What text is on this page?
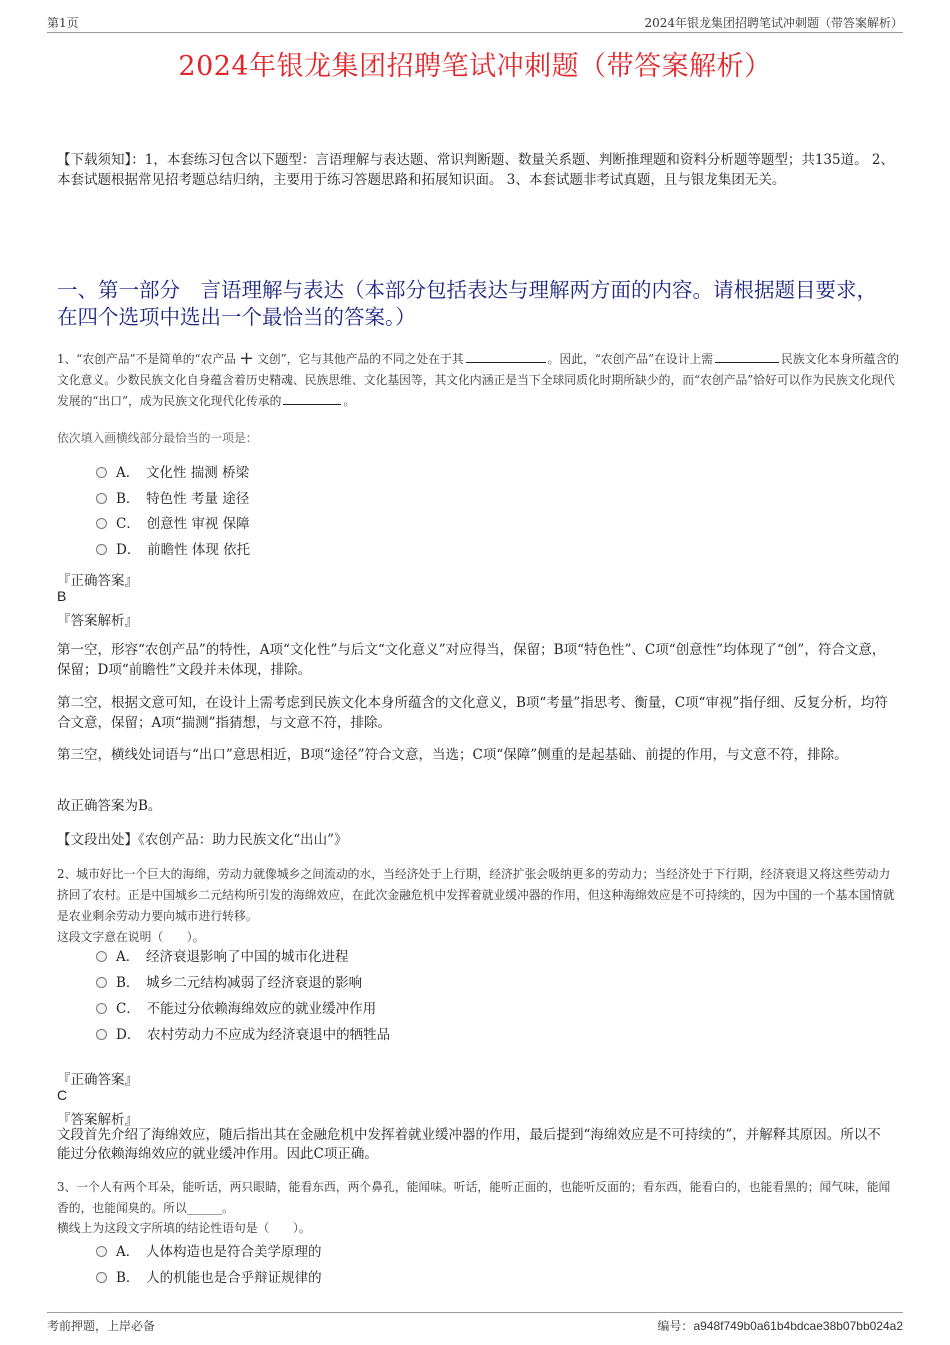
第1页	2024年银龙集团招聘笔试冲刺题（带答案解析）
2024年银龙集团招聘笔试冲刺题（带答案解析）
【下载须知】：1，本套练习包含以下题型：言语理解与表达题、常识判断题、数量关系题、判断推理题和资料分析题等题型；共135道。 2、本套试题根据常见招考题总结归纳，主要用于练习答题思路和拓展知识面。 3、本套试题非考试真题，且与银龙集团无关。
一、第一部分　言语理解与表达（本部分包括表达与理解两方面的内容。请根据题目要求，在四个选项中选出一个最恰当的答案。）
1、“农创产品”不是简单的“农产品 + 文创”，它与其他产品的不同之处在于其	。因此，“农创产品”在设计上需	民族文化本身所蕴含的文化意义。少数民族文化自身蕴含着历史精魂、民族思维、文化基因等，其文化内涵正是当下全球同质化时期所缺少的，而“农创产品”恰好可以作为民族文化现代发展的“出口”，成为民族文化现代化传承的	。
依次填入画横线部分最恰当的一项是：
A．　文化性 揣测 桥梁
B．　特色性 考量 途径
C．　创意性 审视 保障
D．　前瞻性 体现 依托
『正确答案』
B
『答案解析』
第一空，形容“农创产品”的特性，A项“文化性”与后文“文化意义”对应得当，保留；B项“特色性”、C项“创意性”均体现了“创”，符合文意，保留；D项“前瞻性”文段并未体现，排除。
第二空，根据文意可知，在设计上需考虑到民族文化本身所蕴含的文化意义，B项“考量”指思考、衡量，C项“审视”指仔细、反复分析，均符合文意，保留；A项“揣测”指猜想，与文意不符，排除。
第三空，横线处词语与“出口”意思相近，B项“途径”符合文意，当选；C项“保障”侧重的是起基础、前提的作用，与文意不符，排除。
故正确答案为B。
【文段出处】《农创产品：助力民族文化“出山”》
2、城市好比一个巨大的海绵，劳动力就像城乡之间流动的水，当经济处于上行期，经济扩张会吸纳更多的劳动力；当经济处于下行期，经济衰退又将这些劳动力挤回了农村。正是中国城乡二元结构所引发的海绵效应，在此次金融危机中发挥着就业缓冲器的作用，但这种海绵效应是不可持续的，因为中国的一个基本国情就是农业剩余劳动力要向城市进行转移。
这段文字意在说明（　　）。
A．　经济衰退影响了中国的城市化进程
B．　城乡二元结构减弱了经济衰退的影响
C．　不能过分依赖海绵效应的就业缓冲作用
D．　农村劳动力不应成为经济衰退中的牺牲品
『正确答案』
C
『答案解析』
文段首先介绍了海绵效应，随后指出其在金融危机中发挥着就业缓冲器的作用，最后提到“海绵效应是不可持续的”，并解释其原因。所以不能过分依赖海绵效应的就业缓冲作用。因此C项正确。
3、一个人有两个耳朵，能听话，两只眼睛，能看东西，两个鼻孔，能闻味。听话，能听正面的，也能听反面的；看东西，能看白的，也能看黑的；闻气味，能闻香的，也能闻臭的。所以______。
横线上为这段文字所填的结论性语句是（　　）。
A．　人体构造也是符合美学原理的
B．　人的机能也是合乎辩证规律的
考前押题，上岸必备	编号：a948f749b0a61b4bdcae38b07bb024a2
